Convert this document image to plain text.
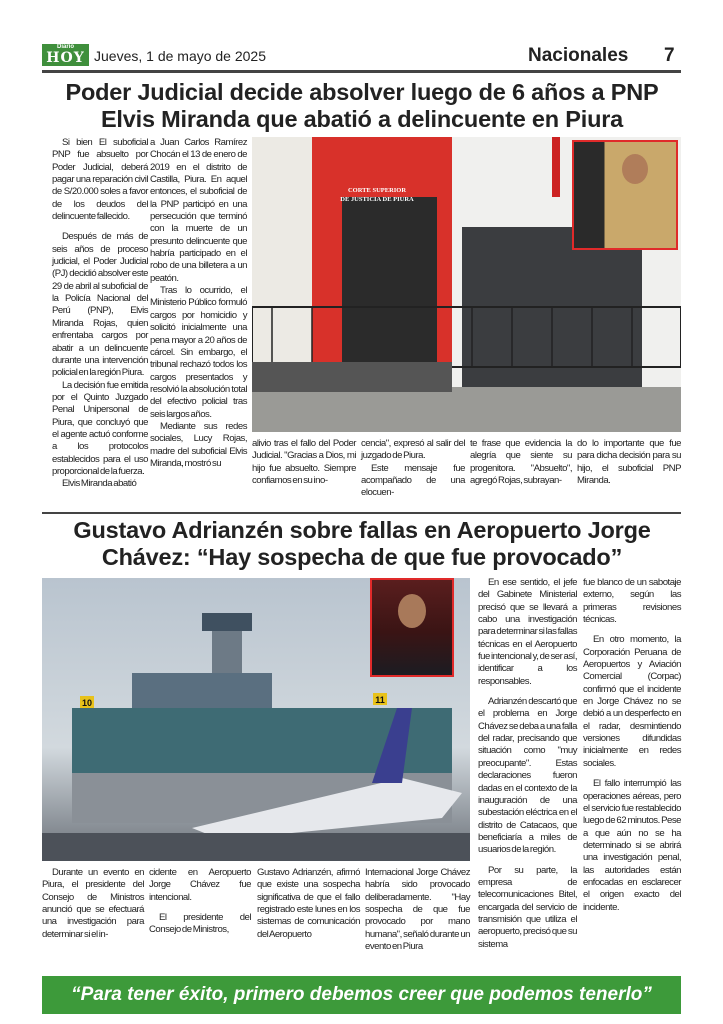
Diario
HOY Jueves, 1 de mayo de 2025	Nacionales 7
Poder Judicial decide absolver luego de 6 años a PNP Elvis Miranda que abatió a delincuente en Piura

Si bien El suboficial PNP fue absuelto por Poder Judicial, deberá pagar una reparación civil de S/20.000 soles a favor de los deudos del delincuente fallecido.

Después de más de seis años de proceso judicial, el Poder Judicial (PJ) decidió absolver este 29 de abril al suboficial de la Policía Nacional del Perú (PNP), Elvis Miranda Rojas, quien enfrentaba cargos por abatir a un delincuente durante una intervención policial en la región Piura.

La decisión fue emitida por el Quinto Juzgado Penal Unipersonal de Piura, que concluyó que el agente actuó conforme a los protocolos establecidos para el uso proporcional de la fuerza.

Elvis Miranda abatió

a Juan Carlos Ramírez Chocán el 13 de enero de 2019 en el distrito de Castilla, Piura. En aquel entonces, el suboficial de la PNP participó en una persecución que terminó con la muerte de un presunto delincuente que habría participado en el robo de una billetera a un peatón.

Tras lo ocurrido, el Ministerio Público formuló cargos por homicidio y solicitó inicialmente una pena mayor a 20 años de cárcel. Sin embargo, el tribunal rechazó todos los cargos presentados y resolvió la absolución total del efectivo policial tras seis largos años.

Mediante sus redes sociales, Lucy Rojas, madre del suboficial Elvis Miranda, mostró su

CORTE SUPERIOR
DE JUSTICIA DE PIURA

alivio tras el fallo del Poder Judicial. "Gracias a Dios, mi hijo fue absuelto. Siempre confiamos en su ino-

cencia", expresó al salir del juzgado de Piura.

Este mensaje fue acompañado de una elocuen-

te frase que evidencia la alegría que siente su progenitora. "Absuelto", agregó Rojas, subrayan-

do lo importante que fue para dicha decisión para su hijo, el suboficial PNP Miranda.

Gustavo Adrianzén sobre fallas en Aeropuerto Jorge Chávez: “Hay sospecha de que fue provocado”
10	11

Durante un evento en Piura, el presidente del Consejo de Ministros anunció que se efectuará una investigación para determinar si el in-

cidente en Aeropuerto Jorge Chávez fue intencional.

El presidente del Consejo de Ministros,

Gustavo Adrianzén, afirmó que existe una sospecha significativa de que el fallo registrado este lunes en los sistemas de comunicación del Aeropuerto

Internacional Jorge Chávez habría sido provocado deliberadamente. "Hay sospecha de que fue provocado por mano humana", señaló durante un evento en Piura

En ese sentido, el jefe del Gabinete Ministerial precisó que se llevará a cabo una investigación para determinar si las fallas técnicas en el Aeropuerto fue intencional y, de ser así, identificar a los responsables.

Adrianzén descartó que el problema en Jorge Chávez se deba a una falla del radar, precisando que situación como "muy preocupante". Estas declaraciones fueron dadas en el contexto de la inauguración de una subestación eléctrica en el distrito de Catacaos, que beneficiaría a miles de usuarios de la región.

Por su parte, la empresa de telecomunicaciones Bitel, encargada del servicio de transmisión que utiliza el aeropuerto, precisó que su sistema

fue blanco de un sabotaje externo, según las primeras revisiones técnicas.

En otro momento, la Corporación Peruana de Aeropuertos y Aviación Comercial (Corpac) confirmó que el incidente en Jorge Chávez no se debió a un desperfecto en el radar, desmintiendo versiones difundidas inicialmente en redes sociales.

El fallo interrumpió las operaciones aéreas, pero el servicio fue restablecido luego de 62 minutos. Pese a que aún no se ha determinado si se abrirá una investigación penal, las autoridades están enfocadas en esclarecer el origen exacto del incidente.

“Para tener éxito, primero debemos creer que podemos tenerlo”
